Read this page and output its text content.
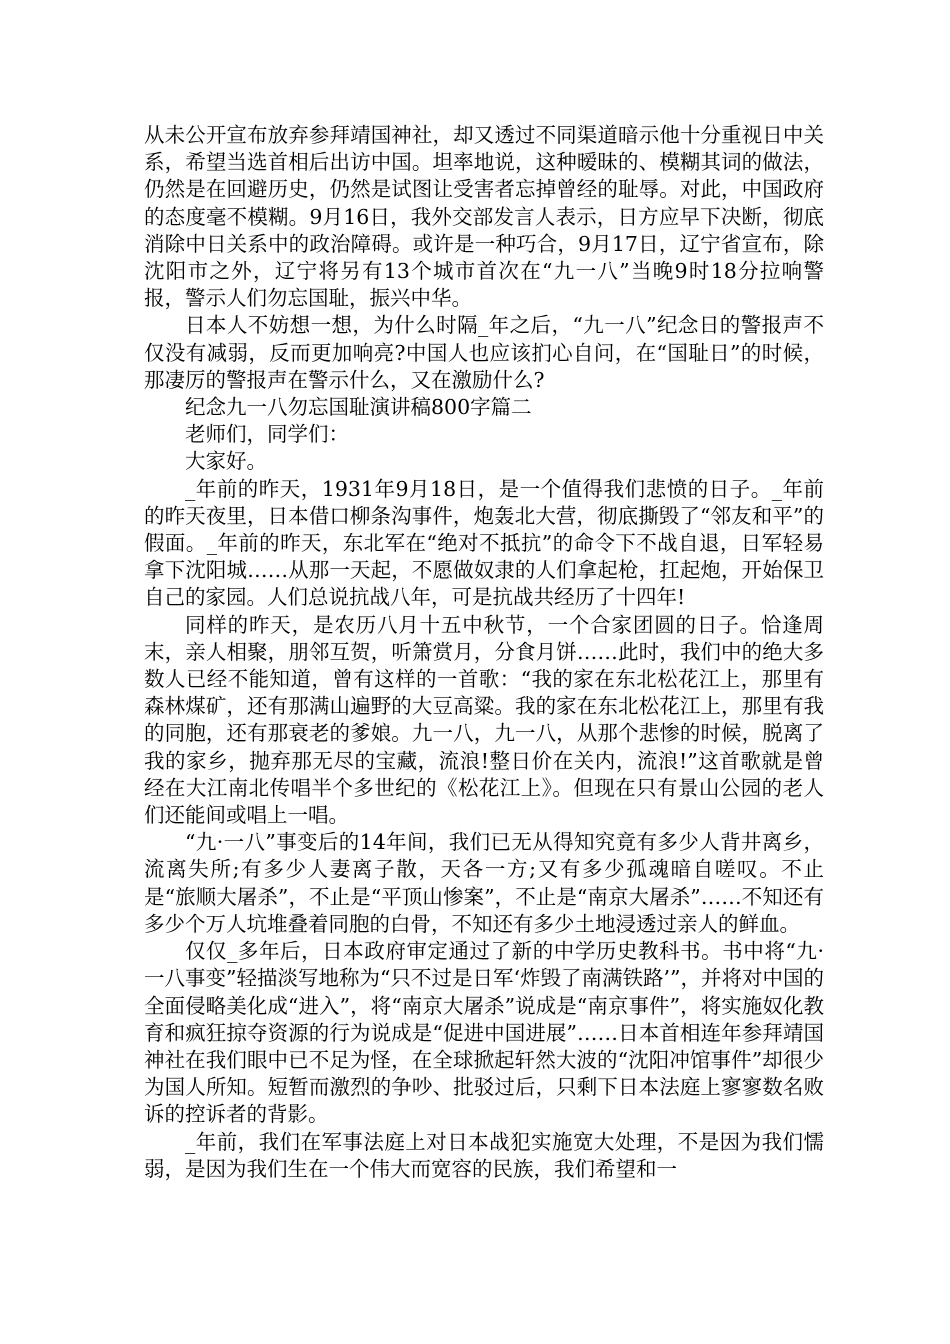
从未公开宣布放弃参拜靖国神社，却又透过不同渠道暗示他十分重视日中关系，希望当选首相后出访中国。坦率地说，这种暧昧的、模糊其词的做法，仍然是在回避历史，仍然是试图让受害者忘掉曾经的耻辱。对此，中国政府的态度毫不模糊。9月16日，我外交部发言人表示，日方应早下决断，彻底消除中日关系中的政治障碍。或许是一种巧合，9月17日，辽宁省宣布，除沈阳市之外，辽宁将另有13个城市首次在“九一八”当晚9时18分拉响警报，警示人们勿忘国耻，振兴中华。

日本人不妨想一想，为什么时隔_年之后，“九一八”纪念日的警报声不仅没有减弱，反而更加响亮?中国人也应该扪心自问，在“国耻日”的时候，那凄厉的警报声在警示什么，又在激励什么?

纪念九一八勿忘国耻演讲稿800字篇二

老师们，同学们：

大家好。

_年前的昨天，1931年9月18日，是一个值得我们悲愤的日子。_年前的昨天夜里，日本借口柳条沟事件，炮轰北大营，彻底撕毁了“邻友和平”的假面。_年前的昨天，东北军在“绝对不抵抗”的命令下不战自退，日军轻易拿下沈阳城……从那一天起，不愿做奴隶的人们拿起枪，扛起炮，开始保卫自己的家园。人们总说抗战八年，可是抗战共经历了十四年!

同样的昨天，是农历八月十五中秋节，一个合家团圆的日子。恰逢周末，亲人相聚，朋邻互贺，听箫赏月，分食月饼……此时，我们中的绝大多数人已经不能知道，曾有这样的一首歌：“我的家在东北松花江上，那里有森林煤矿，还有那满山遍野的大豆高粱。我的家在东北松花江上，那里有我的同胞，还有那衰老的爹娘。九一八，九一八，从那个悲惨的时候，脱离了我的家乡，抛弃那无尽的宝藏，流浪!整日价在关内，流浪!”这首歌就是曾经在大江南北传唱半个多世纪的《松花江上》。但现在只有景山公园的老人们还能间或唱上一唱。

“九·一八”事变后的14年间，我们已无从得知究竟有多少人背井离乡，流离失所;有多少人妻离子散，天各一方;又有多少孤魂暗自嗟叹。不止是“旅顺大屠杀”，不止是“平顶山惨案”，不止是“南京大屠杀”……不知还有多少个万人坑堆叠着同胞的白骨，不知还有多少土地浸透过亲人的鲜血。

仅仅_多年后，日本政府审定通过了新的中学历史教科书。书中将“九·一八事变”轻描淡写地称为“只不过是日军‘炸毁了南满铁路’”，并将对中国的全面侵略美化成“进入”，将“南京大屠杀”说成是“南京事件”，将实施奴化教育和疯狂掠夺资源的行为说成是“促进中国进展”……日本首相连年参拜靖国神社在我们眼中已不足为怪，在全球掀起轩然大波的“沈阳冲馆事件”却很少为国人所知。短暂而激烈的争吵、批驳过后，只剩下日本法庭上寥寥数名败诉的控诉者的背影。

_年前，我们在军事法庭上对日本战犯实施宽大处理，不是因为我们懦弱，是因为我们生在一个伟大而宽容的民族，我们希望和一
